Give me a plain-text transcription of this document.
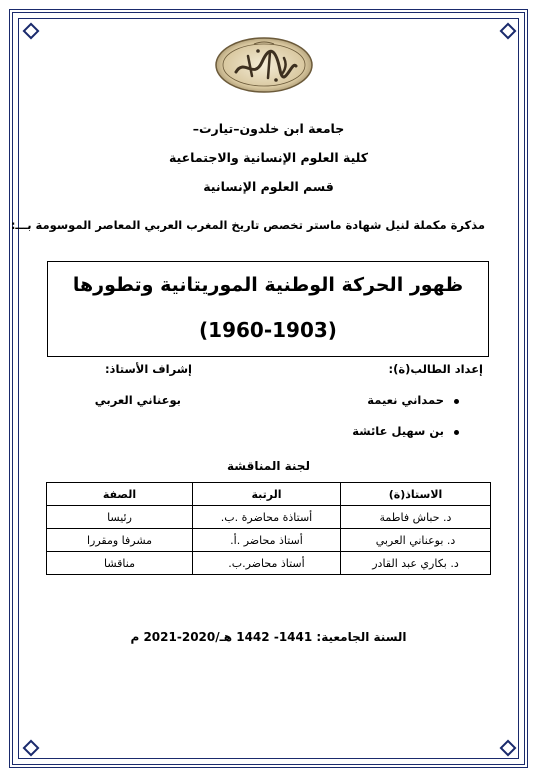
جامعة ابن خلدون–تيارت–
كلية العلوم الإنسانية والاجتماعية
قسم العلوم الإنسانية
مذكرة مكملة لنيل شهادة ماستر تخصص تاريخ المغرب العربي المعاصر الموسومة بـــ:
ظهور الحركة الوطنية الموريتانية وتطورها
(1960-1903)
إعداد الطالب(ة):
إشراف الأستاذ:
حمداني نعيمة
بن سهيل عائشة
بوعناني العربي
لجنة المناقشة
الاستاذ(ة)	الرتبة	الصفة
د. حباش فاطمة	أستاذة محاضرة .ب.	رئيسا
د. بوعناني العربي	أستاذ محاضر .أ.	مشرفا ومقررا
د. بكاري عبد القادر	أستاذ محاضر.ب.	مناقشا
السنة الجامعية: 1441- 1442 هـ/2020-2021 م
